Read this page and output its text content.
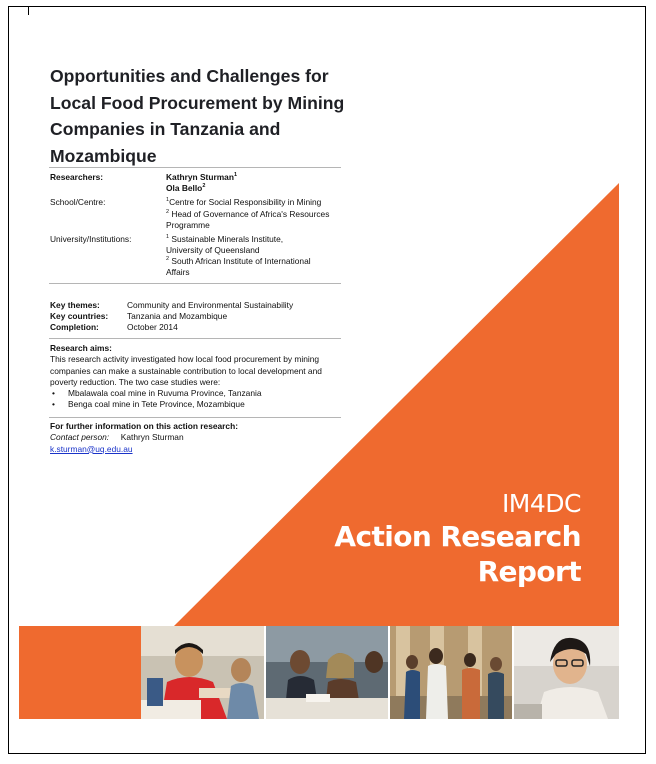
Opportunities and Challenges for Local Food Procurement by Mining Companies in Tanzania and Mozambique
Researchers:	Kathryn Sturman$^1$
Ola Bello$^2$
School/Centre:	$^1$Centre for Social Responsibility in Mining
$^2$ Head of Governance of Africa's Resources Programme
University/Institutions:	$^1$ Sustainable Minerals Institute, University of Queensland
$^2$ South African Institute of International Affairs
Key themes:	Community and Environmental Sustainability
Key countries: Tanzania and Mozambique
Completion:	October 2014

Research aims:

This research activity investigated how local food procurement by mining companies can make a sustainable contribution to local development and poverty reduction. The two case studies were:

• Mbalawala coal mine in Ruvuma Province, Tanzania
• Benga coal mine in Tete Province, Mozambique
For further information on this action research:
Contact person: Kathryn Sturman
k.sturman@uq.edu.au
IM4DC
Action Research
Report
